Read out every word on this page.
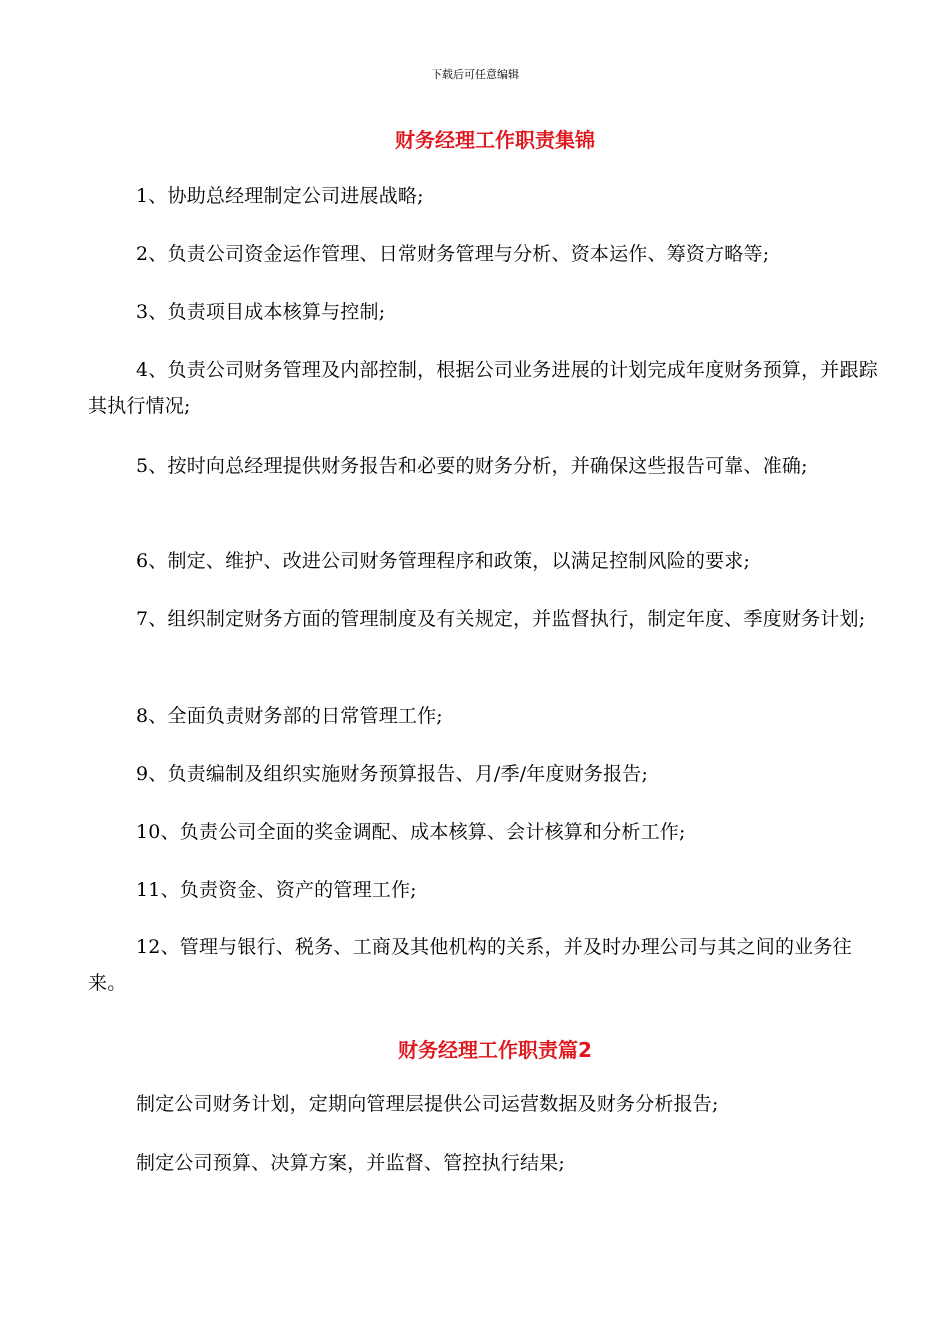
下载后可任意编辑
财务经理工作职责集锦
1、协助总经理制定公司进展战略;
2、负责公司资金运作管理、日常财务管理与分析、资本运作、筹资方略等;
3、负责项目成本核算与控制;
4、负责公司财务管理及内部控制，根据公司业务进展的计划完成年度财务预算，并跟踪其执行情况;
5、按时向总经理提供财务报告和必要的财务分析，并确保这些报告可靠、准确;
6、制定、维护、改进公司财务管理程序和政策，以满足控制风险的要求;
7、组织制定财务方面的管理制度及有关规定，并监督执行，制定年度、季度财务计划;
8、全面负责财务部的日常管理工作;
9、负责编制及组织实施财务预算报告、月/季/年度财务报告;
10、负责公司全面的奖金调配、成本核算、会计核算和分析工作;
11、负责资金、资产的管理工作;
12、管理与银行、税务、工商及其他机构的关系，并及时办理公司与其之间的业务往来。
财务经理工作职责篇2
制定公司财务计划，定期向管理层提供公司运营数据及财务分析报告;
制定公司预算、决算方案，并监督、管控执行结果;
